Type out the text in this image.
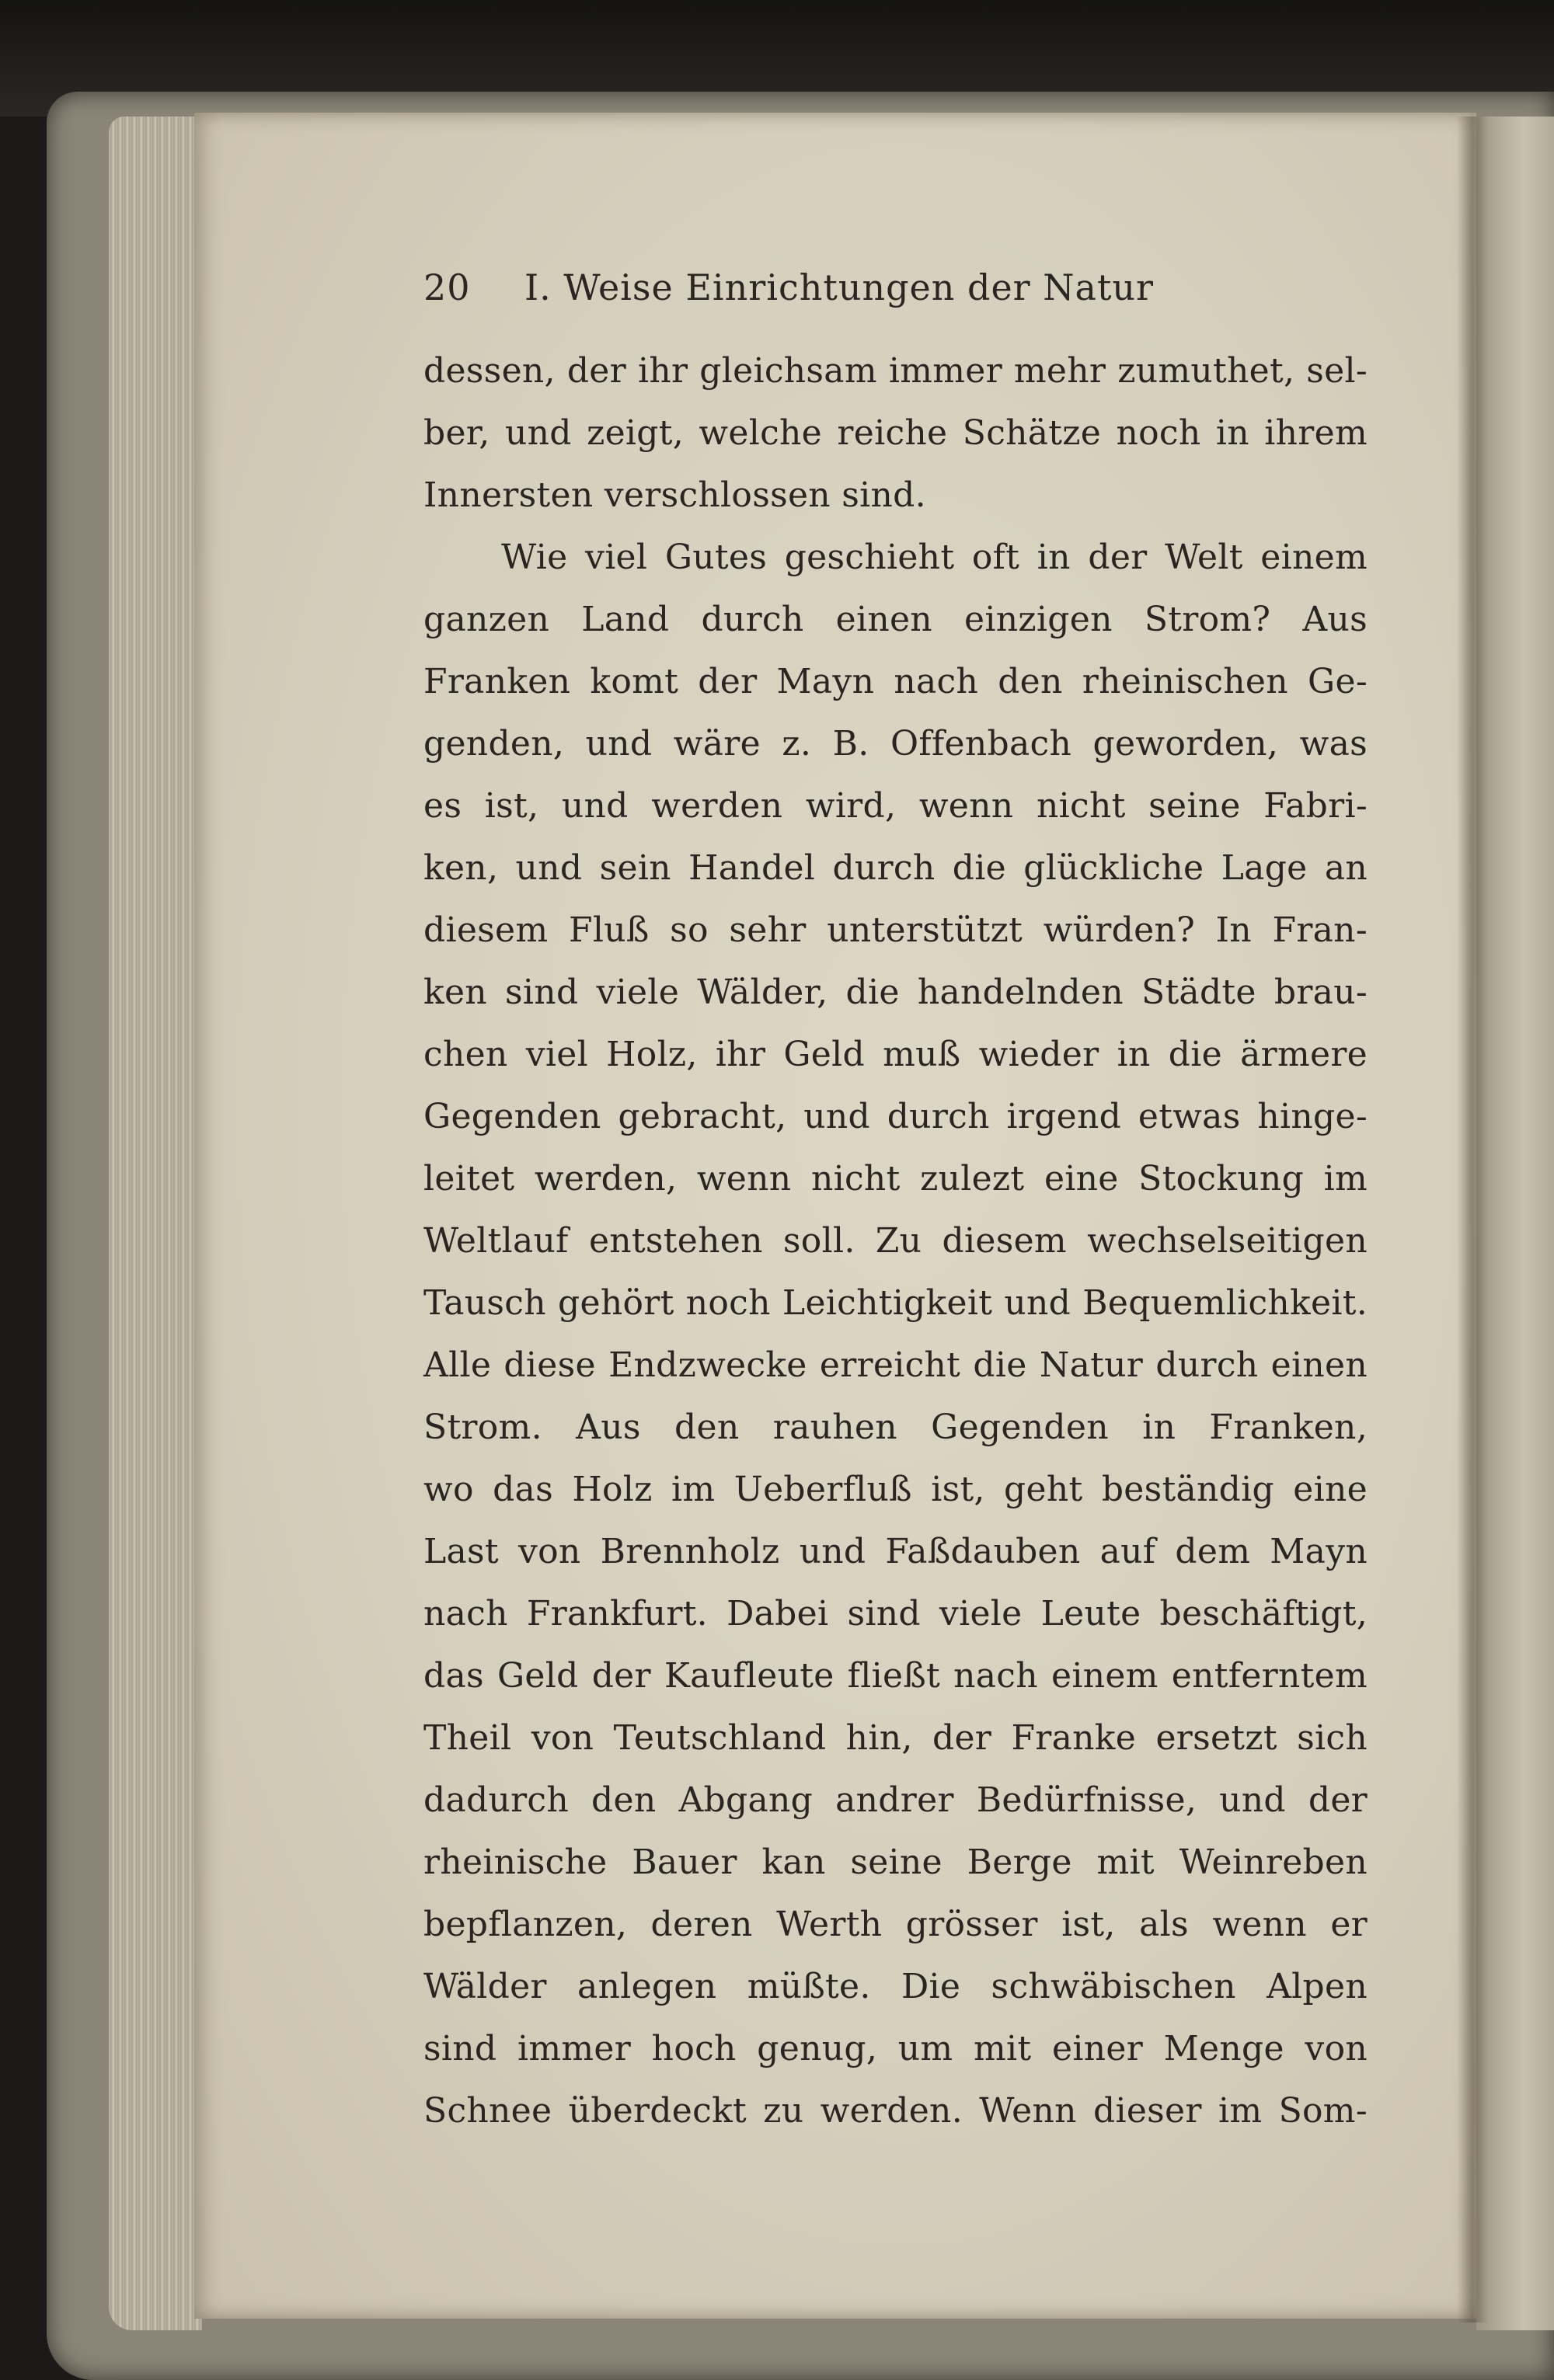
20 I. Weise Einrichtungen der Natur
dessen, der ihr gleichsam immer mehr zumuthet, sel-
ber, und zeigt, welche reiche Schätze noch in ihrem
Innersten verschlossen sind.
Wie viel Gutes geschieht oft in der Welt einem
ganzen Land durch einen einzigen Strom? Aus
Franken komt der Mayn nach den rheinischen Ge-
genden, und wäre z. B. Offenbach geworden, was
es ist, und werden wird, wenn nicht seine Fabri-
ken, und sein Handel durch die glückliche Lage an
diesem Fluß so sehr unterstützt würden? In Fran-
ken sind viele Wälder, die handelnden Städte brau-
chen viel Holz, ihr Geld muß wieder in die ärmere
Gegenden gebracht, und durch irgend etwas hinge-
leitet werden, wenn nicht zulezt eine Stockung im
Weltlauf entstehen soll. Zu diesem wechselseitigen
Tausch gehört noch Leichtigkeit und Bequemlichkeit.
Alle diese Endzwecke erreicht die Natur durch einen
Strom. Aus den rauhen Gegenden in Franken,
wo das Holz im Ueberfluß ist, geht beständig eine
Last von Brennholz und Faßdauben auf dem Mayn
nach Frankfurt. Dabei sind viele Leute beschäftigt,
das Geld der Kaufleute fließt nach einem entferntem
Theil von Teutschland hin, der Franke ersetzt sich
dadurch den Abgang andrer Bedürfnisse, und der
rheinische Bauer kan seine Berge mit Weinreben
bepflanzen, deren Werth grösser ist, als wenn er
Wälder anlegen müßte. Die schwäbischen Alpen
sind immer hoch genug, um mit einer Menge von
Schnee überdeckt zu werden. Wenn dieser im Som-
